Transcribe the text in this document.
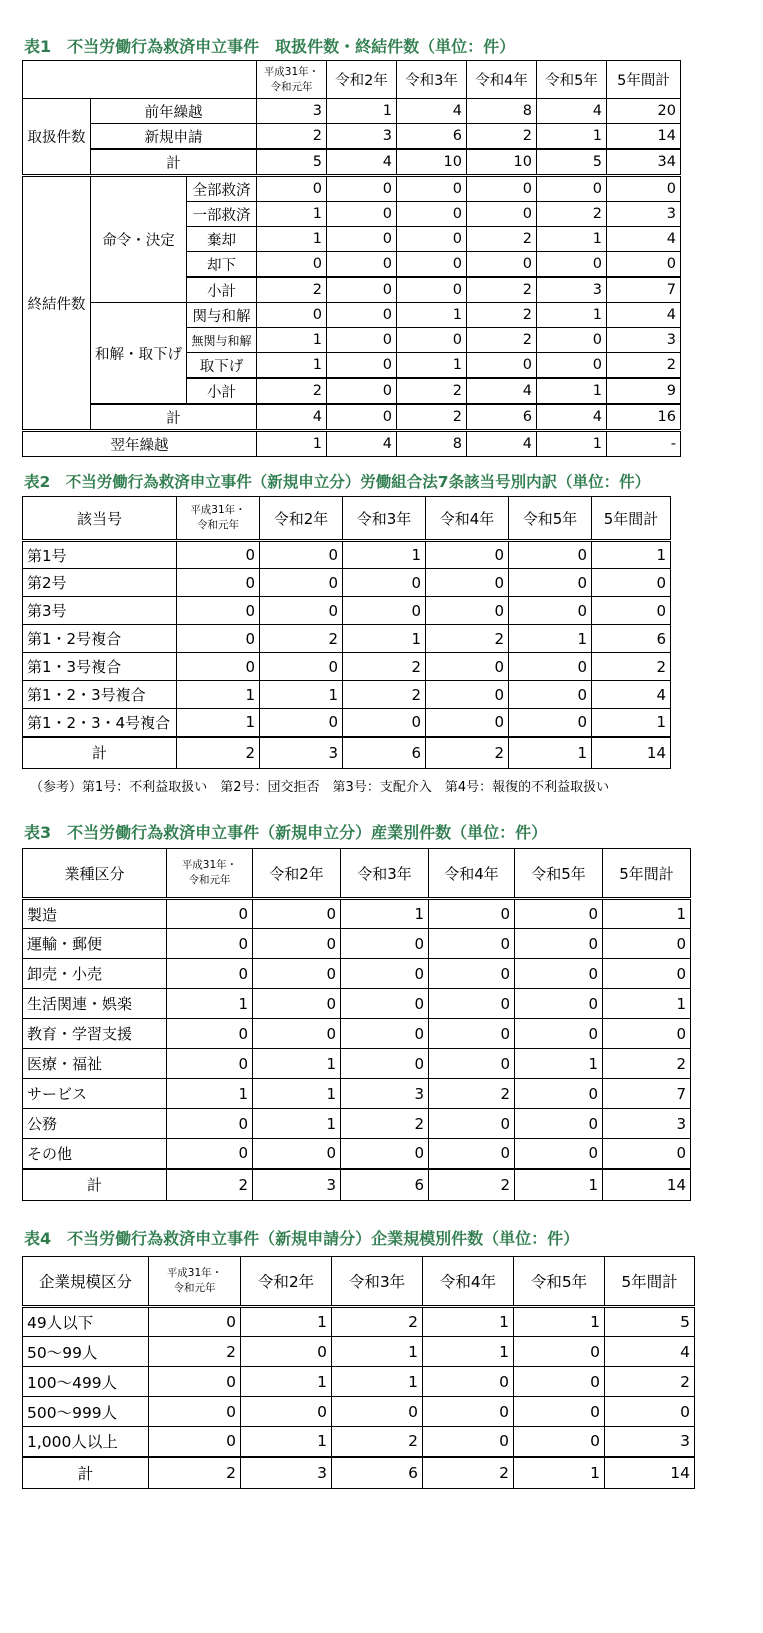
表1　不当労働行為救済申立事件　取扱件数・終結件数（単位：件）
			平成31年・
令和元年	令和2年	令和3年	令和4年	令和5年	5年間計
取扱件数	前年繰越		3	1	4	8	4	20
	新規申請		2	3	6	2	1	14
	計		5	4	10	10	5	34
終結件数	命令・決定	全部救済	0	0	0	0	0	0
		一部救済	1	0	0	0	2	3
		棄却	1	0	0	2	1	4
		却下	0	0	0	0	0	0
		小計	2	0	0	2	3	7
	和解・取下げ	関与和解	0	0	1	2	1	4
		無関与和解	1	0	0	2	0	3
		取下げ	1	0	1	0	0	2
		小計	2	0	2	4	1	9
	計		4	0	2	6	4	16
翌年繰越			1	4	8	4	1	-
表2　不当労働行為救済申立事件（新規申立分）労働組合法7条該当号別内訳（単位：件）
該当号	平成31年・
令和元年	令和2年	令和3年	令和4年	令和5年	5年間計
第1号	0	0	1	0	0	1
第2号	0	0	0	0	0	0
第3号	0	0	0	0	0	0
第1・2号複合	0	2	1	2	1	6
第1・3号複合	0	0	2	0	0	2
第1・2・3号複合	1	1	2	0	0	4
第1・2・3・4号複合	1	0	0	0	0	1
計	2	3	6	2	1	14
（参考）第1号：不利益取扱い　第2号：団交拒否　第3号：支配介入　第4号：報復的不利益取扱い
表3　不当労働行為救済申立事件（新規申立分）産業別件数（単位：件）
業種区分	平成31年・
令和元年	令和2年	令和3年	令和4年	令和5年	5年間計
製造	0	0	1	0	0	1
運輸・郵便	0	0	0	0	0	0
卸売・小売	0	0	0	0	0	0
生活関連・娯楽	1	0	0	0	0	1
教育・学習支援	0	0	0	0	0	0
医療・福祉	0	1	0	0	1	2
サービス	1	1	3	2	0	7
公務	0	1	2	0	0	3
その他	0	0	0	0	0	0
計	2	3	6	2	1	14
表4　不当労働行為救済申立事件（新規申請分）企業規模別件数（単位：件）
企業規模区分	平成31年・
令和元年	令和2年	令和3年	令和4年	令和5年	5年間計
49人以下	0	1	2	1	1	5
50～99人	2	0	1	1	0	4
100～499人	0	1	1	0	0	2
500～999人	0	0	0	0	0	0
1,000人以上	0	1	2	0	0	3
計	2	3	6	2	1	14
